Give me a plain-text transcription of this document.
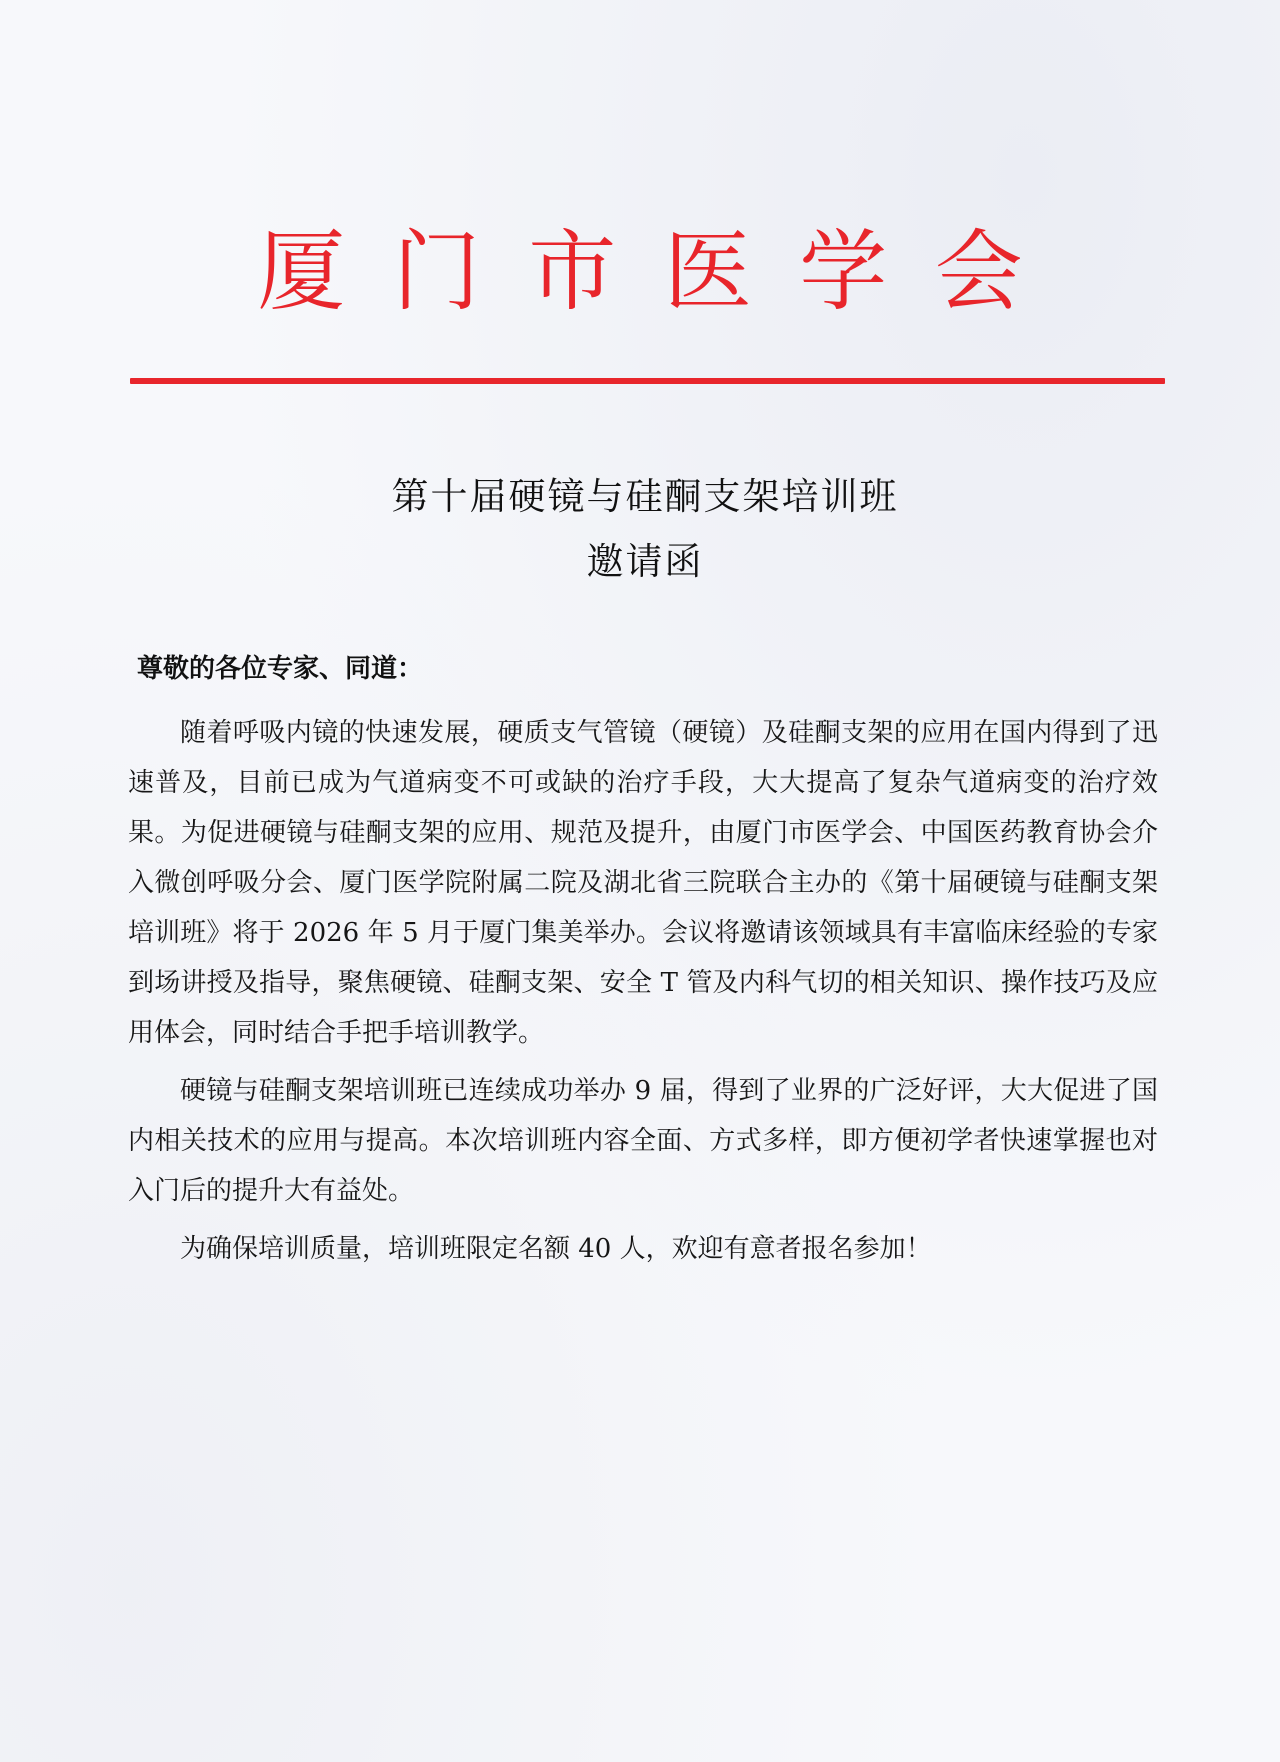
厦门市医学会
第十届硬镜与硅酮支架培训班
邀请函

尊敬的各位专家、同道：

随着呼吸内镜的快速发展，硬质支气管镜（硬镜）及硅酮支架的应用在国内得到了迅速普及，目前已成为气道病变不可或缺的治疗手段，大大提高了复杂气道病变的治疗效果。为促进硬镜与硅酮支架的应用、规范及提升，由厦门市医学会、中国医药教育协会介入微创呼吸分会、厦门医学院附属二院及湖北省三院联合主办的《第十届硬镜与硅酮支架培训班》将于 2026 年 5 月于厦门集美举办。会议将邀请该领域具有丰富临床经验的专家到场讲授及指导，聚焦硬镜、硅酮支架、安全 T 管及内科气切的相关知识、操作技巧及应用体会，同时结合手把手培训教学。

硬镜与硅酮支架培训班已连续成功举办 9 届，得到了业界的广泛好评，大大促进了国内相关技术的应用与提高。本次培训班内容全面、方式多样，即方便初学者快速掌握也对入门后的提升大有益处。

为确保培训质量，培训班限定名额 40 人，欢迎有意者报名参加！
